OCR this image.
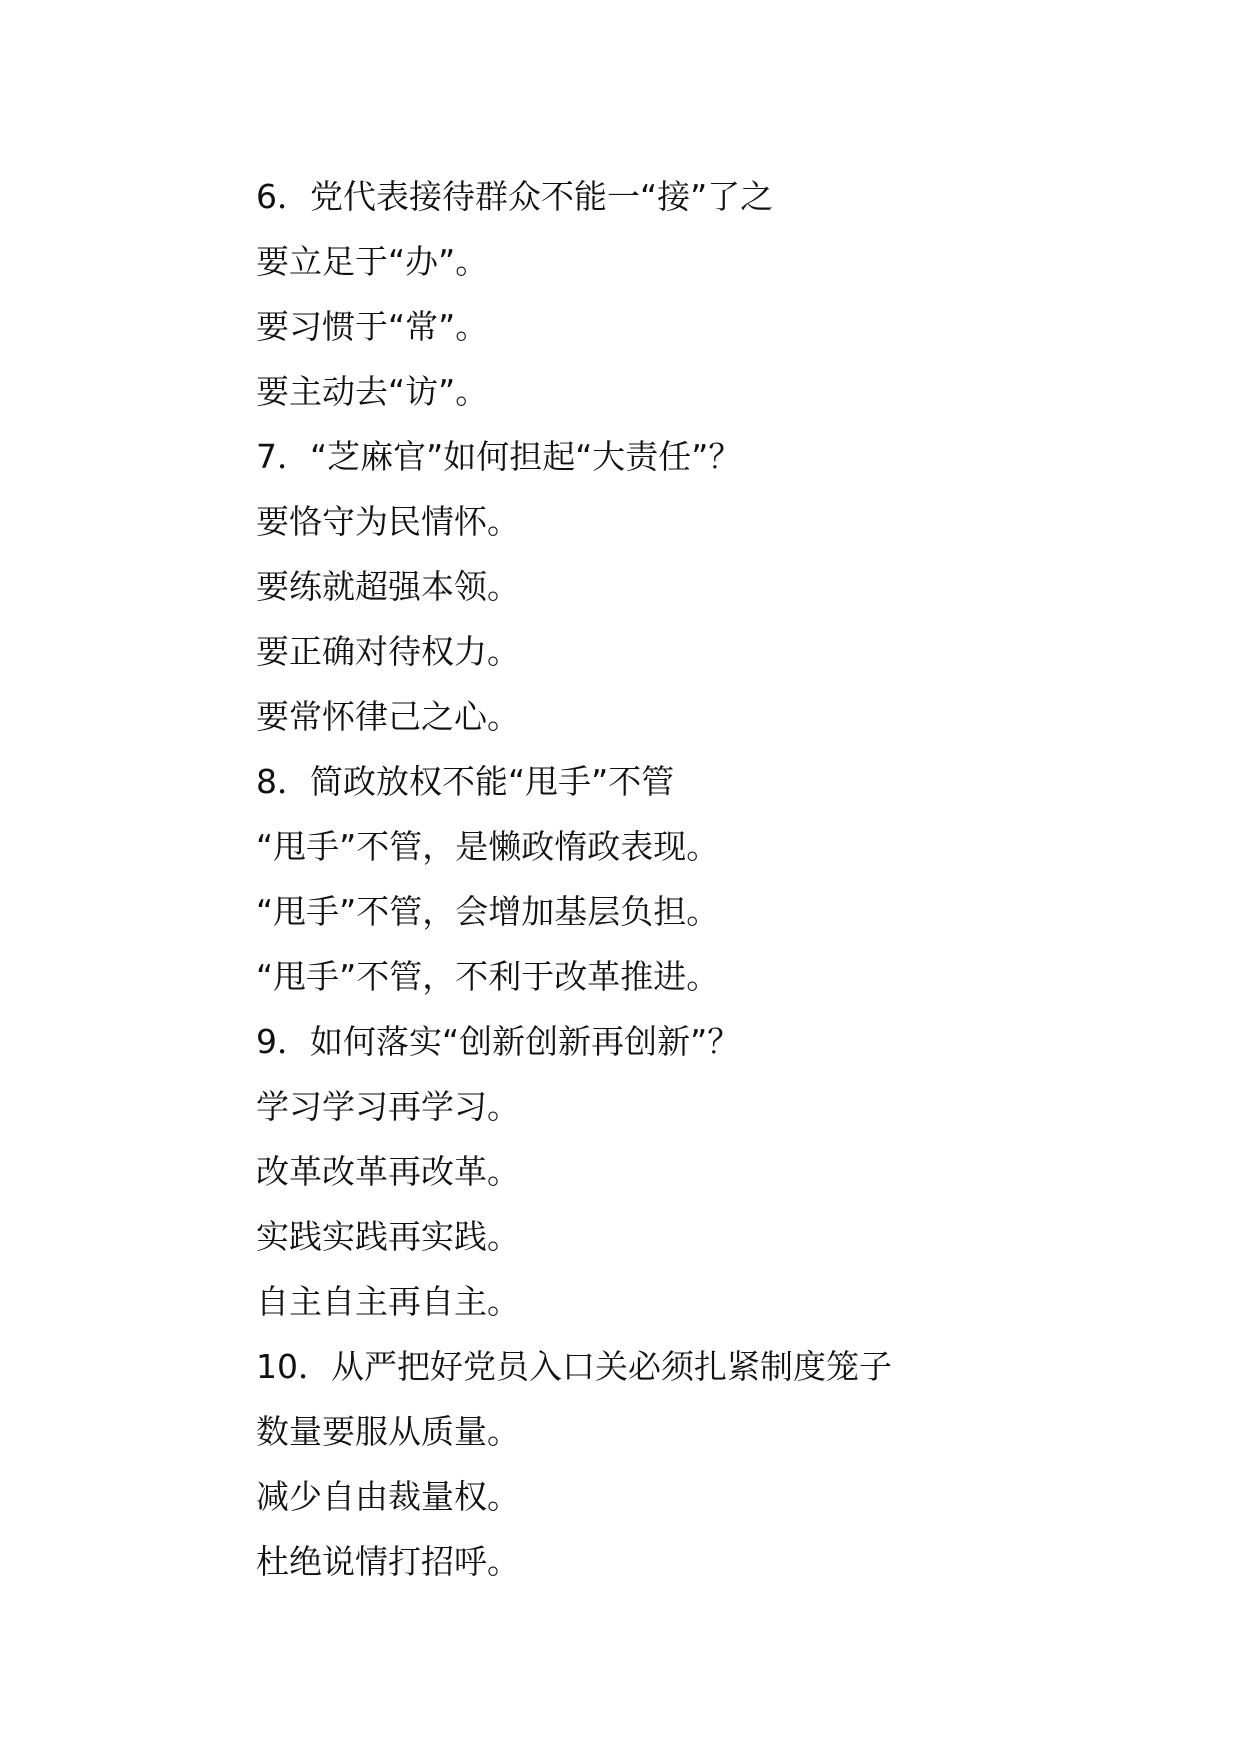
6．党代表接待群众不能一“接”了之
要立足于“办”。
要习惯于“常”。
要主动去“访”。
7．“芝麻官”如何担起“大责任”？
要恪守为民情怀。
要练就超强本领。
要正确对待权力。
要常怀律己之心。
8．简政放权不能“甩手”不管
“甩手”不管，是懒政惰政表现。
“甩手”不管，会增加基层负担。
“甩手”不管，不利于改革推进。
9．如何落实“创新创新再创新”？
学习学习再学习。
改革改革再改革。
实践实践再实践。
自主自主再自主。
10．从严把好党员入口关必须扎紧制度笼子
数量要服从质量。
减少自由裁量权。
杜绝说情打招呼。
